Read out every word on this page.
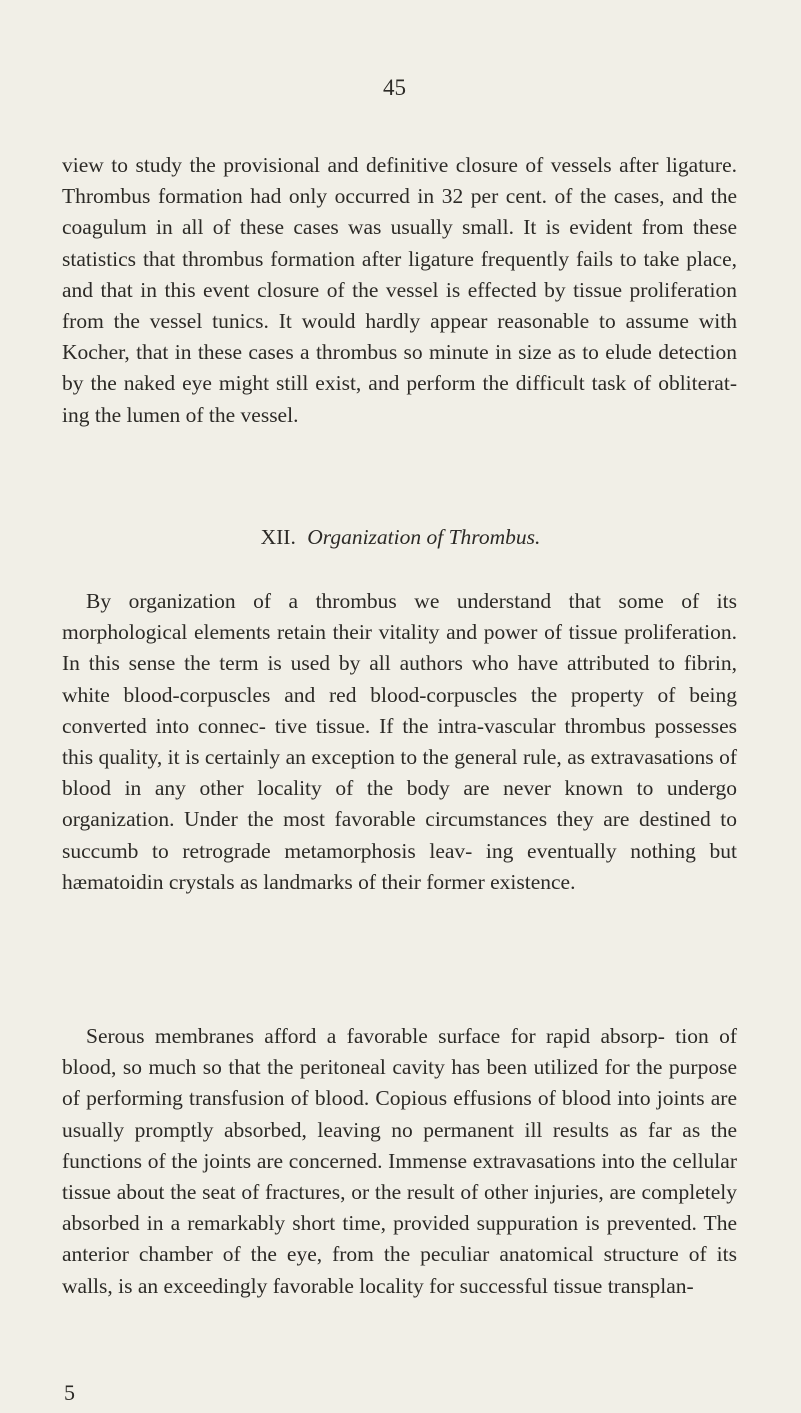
45

view to study the provisional and definitive closure of vessels after ligature. Thrombus formation had only occurred in 32 per cent. of the cases, and the coagulum in all of these cases was usually small. It is evident from these statistics that thrombus formation after ligature frequently fails to take place, and that in this event closure of the vessel is effected by tissue proliferation from the vessel tunics. It would hardly appear reasonable to assume with Kocher, that in these cases a thrombus so minute in size as to elude detection by the naked eye might still exist, and perform the difficult task of obliterat- ing the lumen of the vessel.

XII. Organization of Thrombus.

By organization of a thrombus we understand that some of its morphological elements retain their vitality and power of tissue proliferation. In this sense the term is used by all authors who have attributed to fibrin, white blood-corpuscles and red blood-corpuscles the property of being converted into connec- tive tissue. If the intra-vascular thrombus possesses this quality, it is certainly an exception to the general rule, as extravasations of blood in any other locality of the body are never known to undergo organization. Under the most favorable circumstances they are destined to succumb to retrograde metamorphosis leav- ing eventually nothing but hæmatoidin crystals as landmarks of their former existence.

Serous membranes afford a favorable surface for rapid absorp- tion of blood, so much so that the peritoneal cavity has been utilized for the purpose of performing transfusion of blood. Copious effusions of blood into joints are usually promptly absorbed, leaving no permanent ill results as far as the functions of the joints are concerned. Immense extravasations into the cellular tissue about the seat of fractures, or the result of other injuries, are completely absorbed in a remarkably short time, provided suppuration is prevented. The anterior chamber of the eye, from the peculiar anatomical structure of its walls, is an exceedingly favorable locality for successful tissue transplan-

5
